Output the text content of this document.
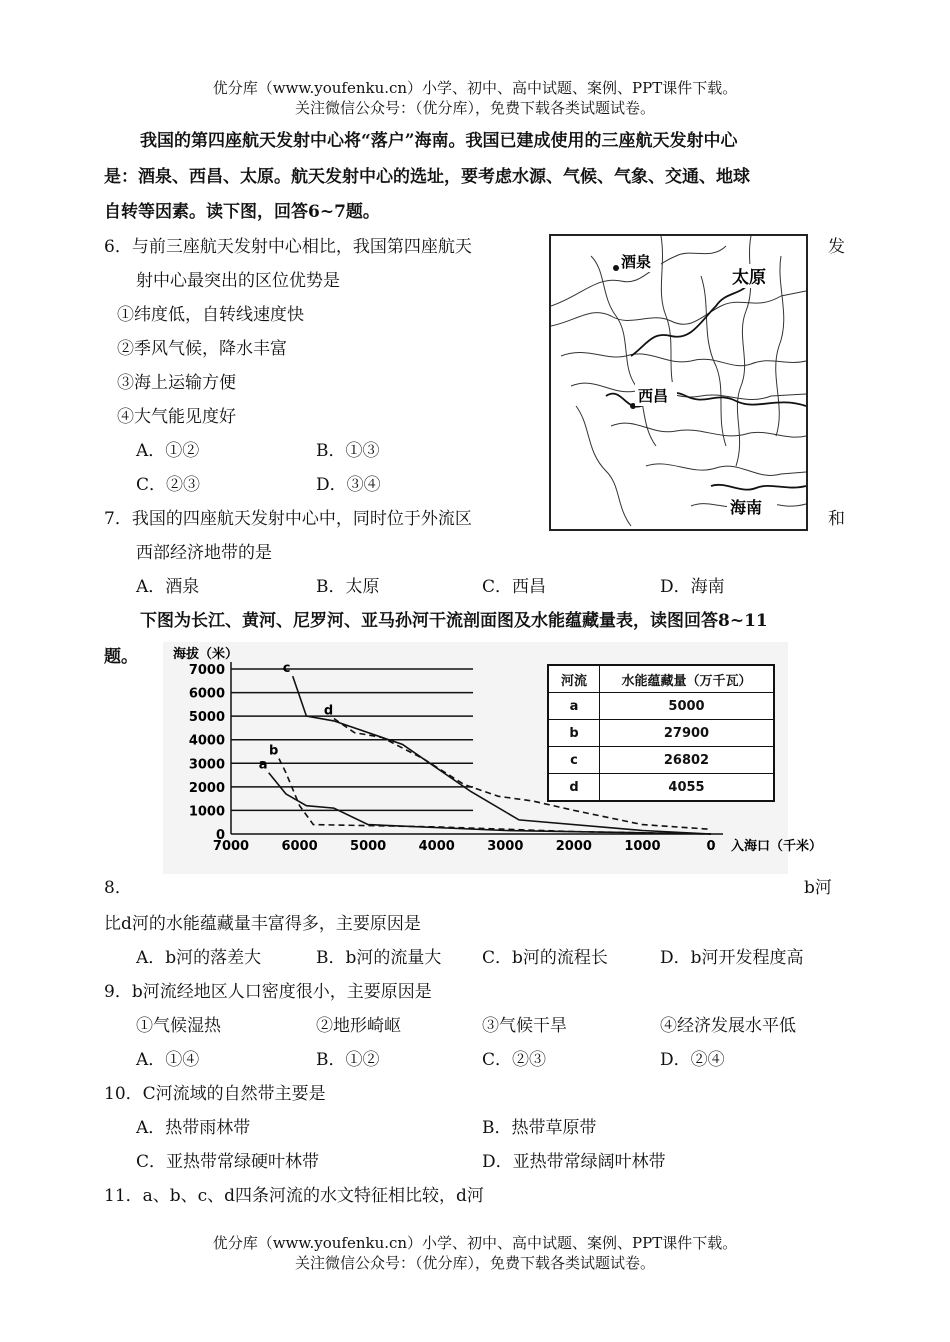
优分库（www.youfenku.cn）小学、初中、高中试题、案例、PPT课件下载。
关注微信公众号：（优分库），免费下载各类试题试卷。
我国的第四座航天发射中心将“落户”海南。我国已建成使用的三座航天发射中心
是：酒泉、西昌、太原。航天发射中心的选址，要考虑水源、气候、气象、交通、地球
自转等因素。读下图，回答6~7题。
6．与前三座航天发射中心相比，我国第四座航天	发
射中心最突出的区位优势是
①纬度低，自转线速度快
②季风气候，降水丰富
③海上运输方便
④大气能见度好
A．①②	B．①③
C．②③	D．③④
酒泉
太原
西昌
海南
7．我国的四座航天发射中心中，同时位于外流区	和
西部经济地带的是
A．酒泉	B．太原	C．西昌	D．海南
下图为长江、黄河、尼罗河、亚马孙河干流剖面图及水能蕴藏量表，读图回答8~11
题。	海拔（米）
7000
6000
5000
4000
3000
2000
1000
0
7000 6000 5000 4000 3000 2000 1000	0
a
b
c
d
入海口（千米）
河流	水能蕴藏量（万千瓦）
a	5000
b	27900
c	26802
d	4055
8．	b河
比d河的水能蕴藏量丰富得多，主要原因是
A．b河的落差大	B．b河的流量大 C．b河的流程长	D．b河开发程度高
9．b河流经地区人口密度很小，主要原因是
①气候湿热	②地形崎岖	③气候干旱	④经济发展水平低
A．①④	B．①②	C．②③	D．②④
10．C河流域的自然带主要是
A．热带雨林带	B．热带草原带
C．亚热带常绿硬叶林带	D．亚热带常绿阔叶林带
11．a、b、c、d四条河流的水文特征相比较，d河
优分库（www.youfenku.cn）小学、初中、高中试题、案例、PPT课件下载。
关注微信公众号：（优分库），免费下载各类试题试卷。
